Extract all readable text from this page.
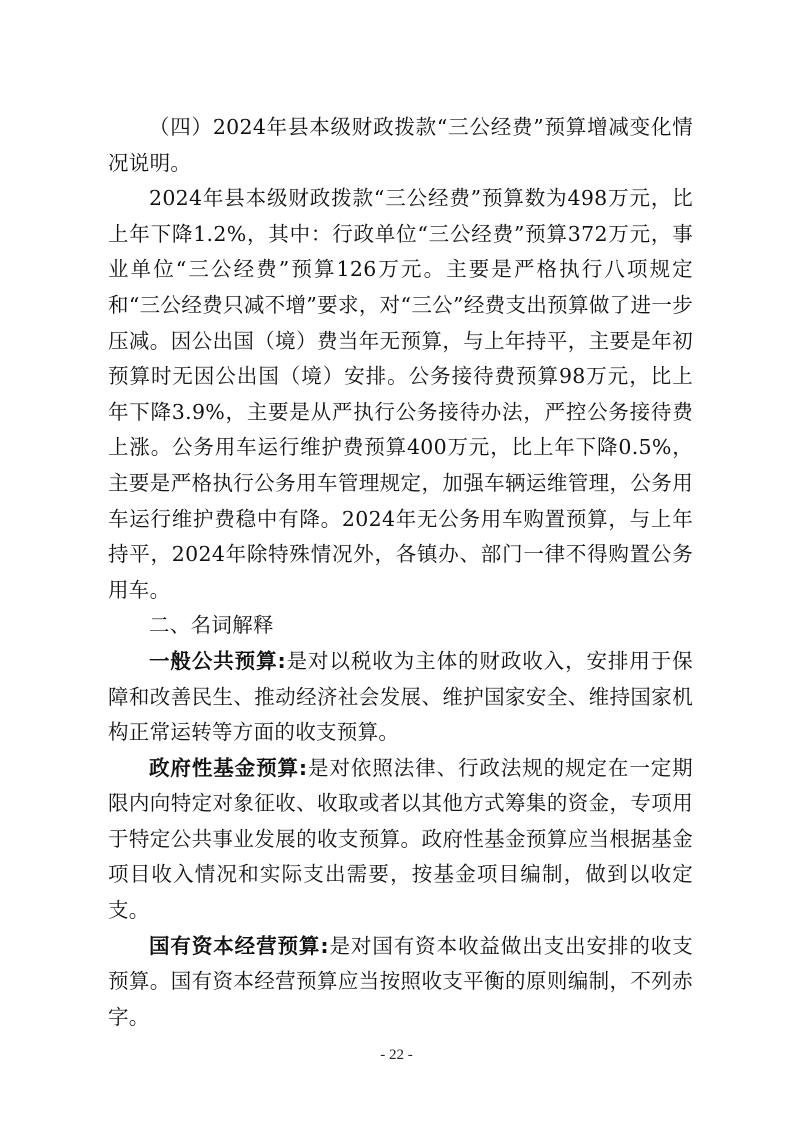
（四）2024年县本级财政拨款“三公经费”预算增减变化情况说明。

2024年县本级财政拨款“三公经费”预算数为498万元，比上年下降1.2%，其中：行政单位“三公经费”预算372万元，事业单位“三公经费”预算126万元。主要是严格执行八项规定和“三公经费只减不增”要求，对“三公”经费支出预算做了进一步压减。因公出国（境）费当年无预算，与上年持平，主要是年初预算时无因公出国（境）安排。公务接待费预算98万元，比上年下降3.9%，主要是从严执行公务接待办法，严控公务接待费上涨。公务用车运行维护费预算400万元，比上年下降0.5%，主要是严格执行公务用车管理规定，加强车辆运维管理，公务用车运行维护费稳中有降。2024年无公务用车购置预算，与上年持平，2024年除特殊情况外，各镇办、部门一律不得购置公务用车。

二、名词解释

一般公共预算:是对以税收为主体的财政收入，安排用于保障和改善民生、推动经济社会发展、维护国家安全、维持国家机构正常运转等方面的收支预算。

政府性基金预算:是对依照法律、行政法规的规定在一定期限内向特定对象征收、收取或者以其他方式筹集的资金，专项用于特定公共事业发展的收支预算。政府性基金预算应当根据基金项目收入情况和实际支出需要，按基金项目编制，做到以收定支。

国有资本经营预算:是对国有资本收益做出支出安排的收支预算。国有资本经营预算应当按照收支平衡的原则编制，不列赤字。

- 22 -
